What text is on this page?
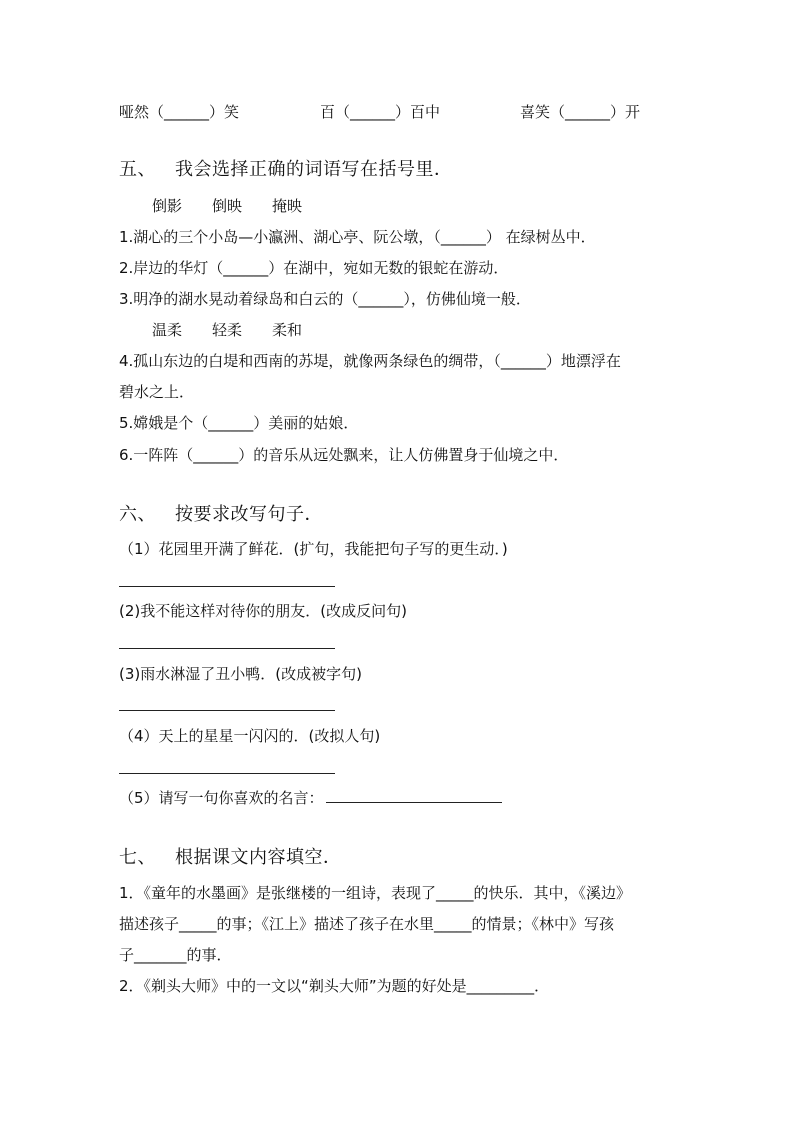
哑然（______）笑	百（______）百中	喜笑（______）开
五、 我会选择正确的词语写在括号里．
倒影 倒映 掩映
1.湖心的三个小岛—小瀛洲、湖心亭、阮公墩，（______） 在绿树丛中．
2.岸边的华灯（______）在湖中，宛如无数的银蛇在游动．
3.明净的湖水晃动着绿岛和白云的（______），仿佛仙境一般．
温柔 轻柔 柔和
4.孤山东边的白堤和西南的苏堤，就像两条绿色的绸带，（______）地漂浮在
碧水之上．
5.嫦娥是个（______）美丽的姑娘．
6.一阵阵（______）的音乐从远处飘来，让人仿佛置身于仙境之中．
六、 按要求改写句子．
（1）花园里开满了鲜花．(扩句，我能把句子写的更生动．)
(2)我不能这样对待你的朋友．(改成反问句)
(3)雨水淋湿了丑小鸭．(改成被字句)
（4）天上的星星一闪闪的．(改拟人句)
（5）请写一句你喜欢的名言：
七、 根据课文内容填空．
1．《童年的水墨画》是张继楼的一组诗，表现了_____的快乐．其中，《溪边》
描述孩子_____的事；《江上》描述了孩子在水里_____的情景；《林中》写孩
子_______的事．
2．《剃头大师》中的一文以“剃头大师”为题的好处是_________．
